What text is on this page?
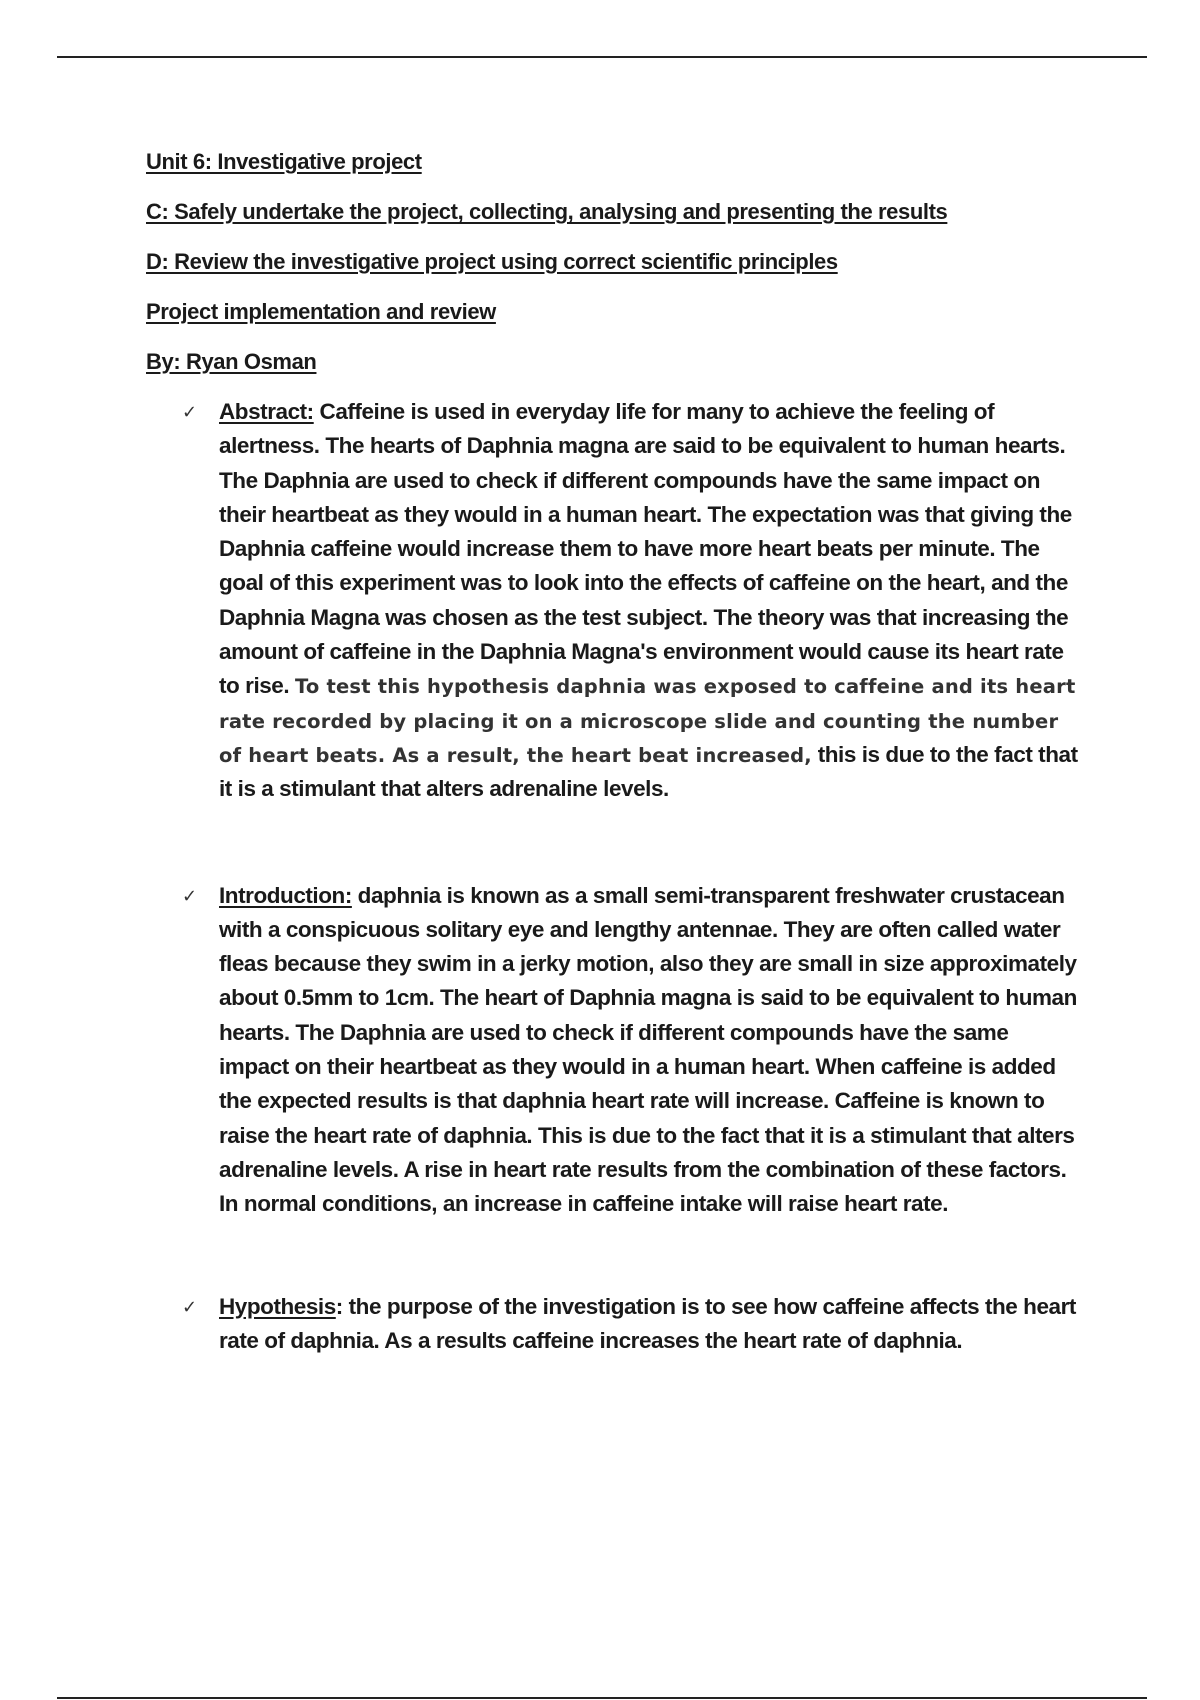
Unit 6: Investigative project

C: Safely undertake the project, collecting, analysing and presenting the results

D: Review the investigative project using correct scientific principles

Project implementation and review

By: Ryan Osman

✓ Abstract: Caffeine is used in everyday life for many to achieve the feeling of alertness. The hearts of Daphnia magna are said to be equivalent to human hearts. The Daphnia are used to check if different compounds have the same impact on their heartbeat as they would in a human heart. The expectation was that giving the Daphnia caffeine would increase them to have more heart beats per minute. The goal of this experiment was to look into the effects of caffeine on the heart, and the Daphnia Magna was chosen as the test subject. The theory was that increasing the amount of caffeine in the Daphnia Magna's environment would cause its heart rate to rise. To test this hypothesis daphnia was exposed to caffeine and its heart rate recorded by placing it on a microscope slide and counting the number of heart beats. As a result, the heart beat increased, this is due to the fact that it is a stimulant that alters adrenaline levels.
✓ Introduction: daphnia is known as a small semi-transparent freshwater crustacean with a conspicuous solitary eye and lengthy antennae. They are often called water fleas because they swim in a jerky motion, also they are small in size approximately about 0.5mm to 1cm. The heart of Daphnia magna is said to be equivalent to human hearts. The Daphnia are used to check if different compounds have the same impact on their heartbeat as they would in a human heart. When caffeine is added the expected results is that daphnia heart rate will increase. Caffeine is known to raise the heart rate of daphnia. This is due to the fact that it is a stimulant that alters adrenaline levels. A rise in heart rate results from the combination of these factors. In normal conditions, an increase in caffeine intake will raise heart rate.
✓ Hypothesis: the purpose of the investigation is to see how caffeine affects the heart rate of daphnia. As a results caffeine increases the heart rate of daphnia.
